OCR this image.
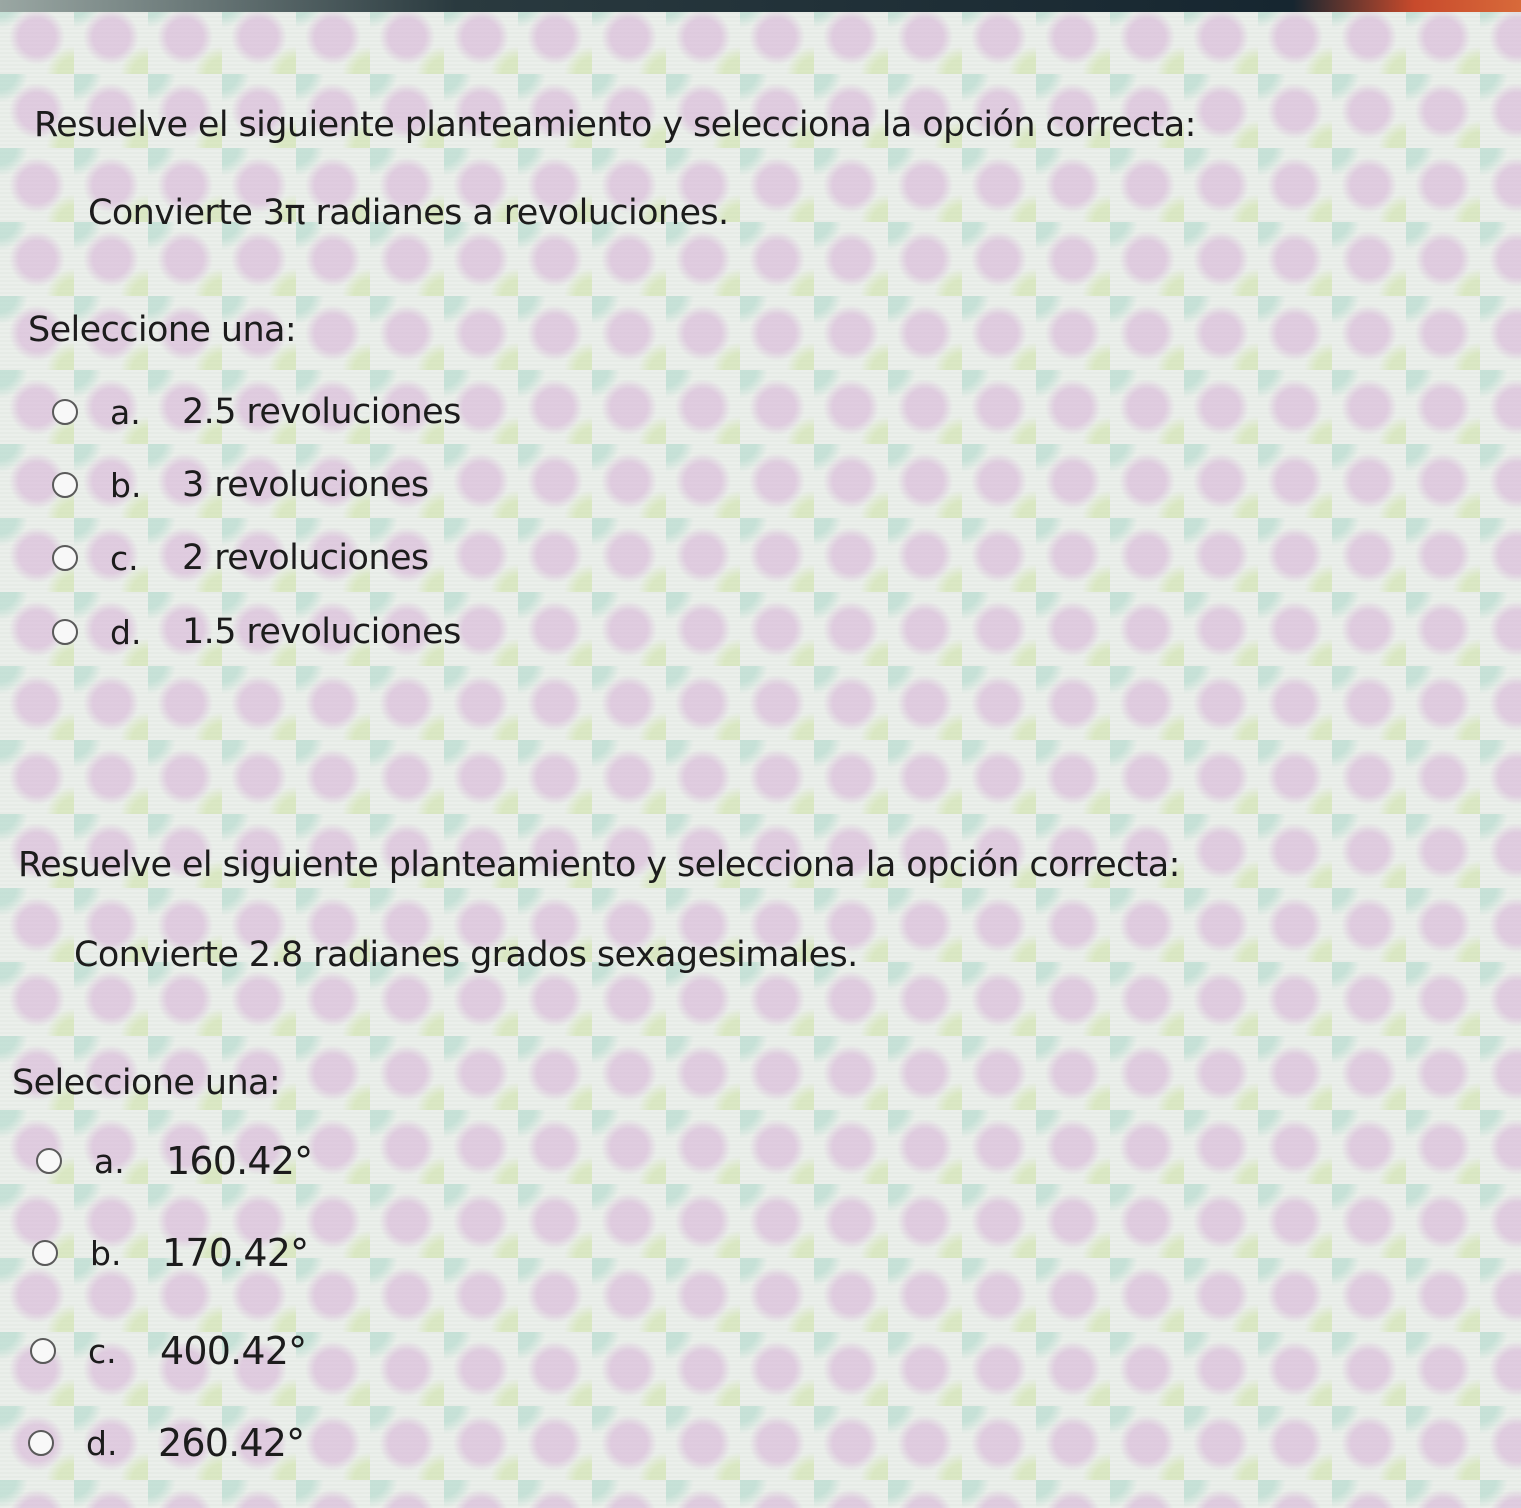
Resuelve el siguiente planteamiento y selecciona la opción correcta:
Convierte 3π radianes a revoluciones.
Seleccione una:
a.	2.5 revoluciones
b.	3 revoluciones
c.	2 revoluciones
d.	1.5 revoluciones
Resuelve el siguiente planteamiento y selecciona la opción correcta:
Convierte 2.8 radianes grados sexagesimales.
Seleccione una:
a.	160.42°
b.	170.42°
c.	400.42°
d.	260.42°
